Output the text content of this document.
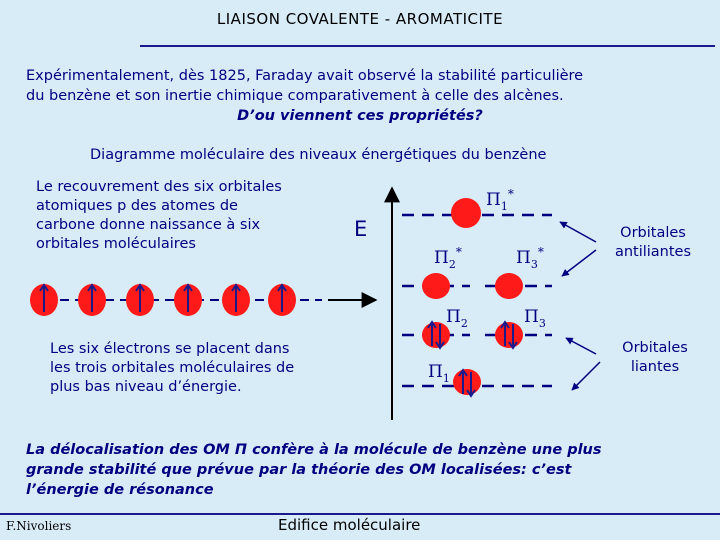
LIAISON COVALENTE - AROMATICITE
Expérimentalement, dès 1825, Faraday avait observé la stabilité particulière
du benzène et son inertie chimique comparativement à celle des alcènes.
D’ou viennent ces propriétés?
Diagramme moléculaire des niveaux énergétiques du benzène
Le recouvrement des six orbitales
atomiques p des atomes de
carbone donne naissance à six
orbitales moléculaires
E
Les six électrons se placent dans
les trois orbitales moléculaires de
plus bas niveau d’énergie.
Orbitales
antiliantes
Orbitales
liantes
$\Pi_1^*$
$\Pi_2^*$	$\Pi_3^*$
$\Pi_2$	$\Pi_3$
$\Pi_1$
La délocalisation des OM Π confère à la molécule de benzène une plus
grande stabilité que prévue par la théorie des OM localisées: c’est
l’énergie de résonance
F.Nivoliers	Edifice moléculaire
